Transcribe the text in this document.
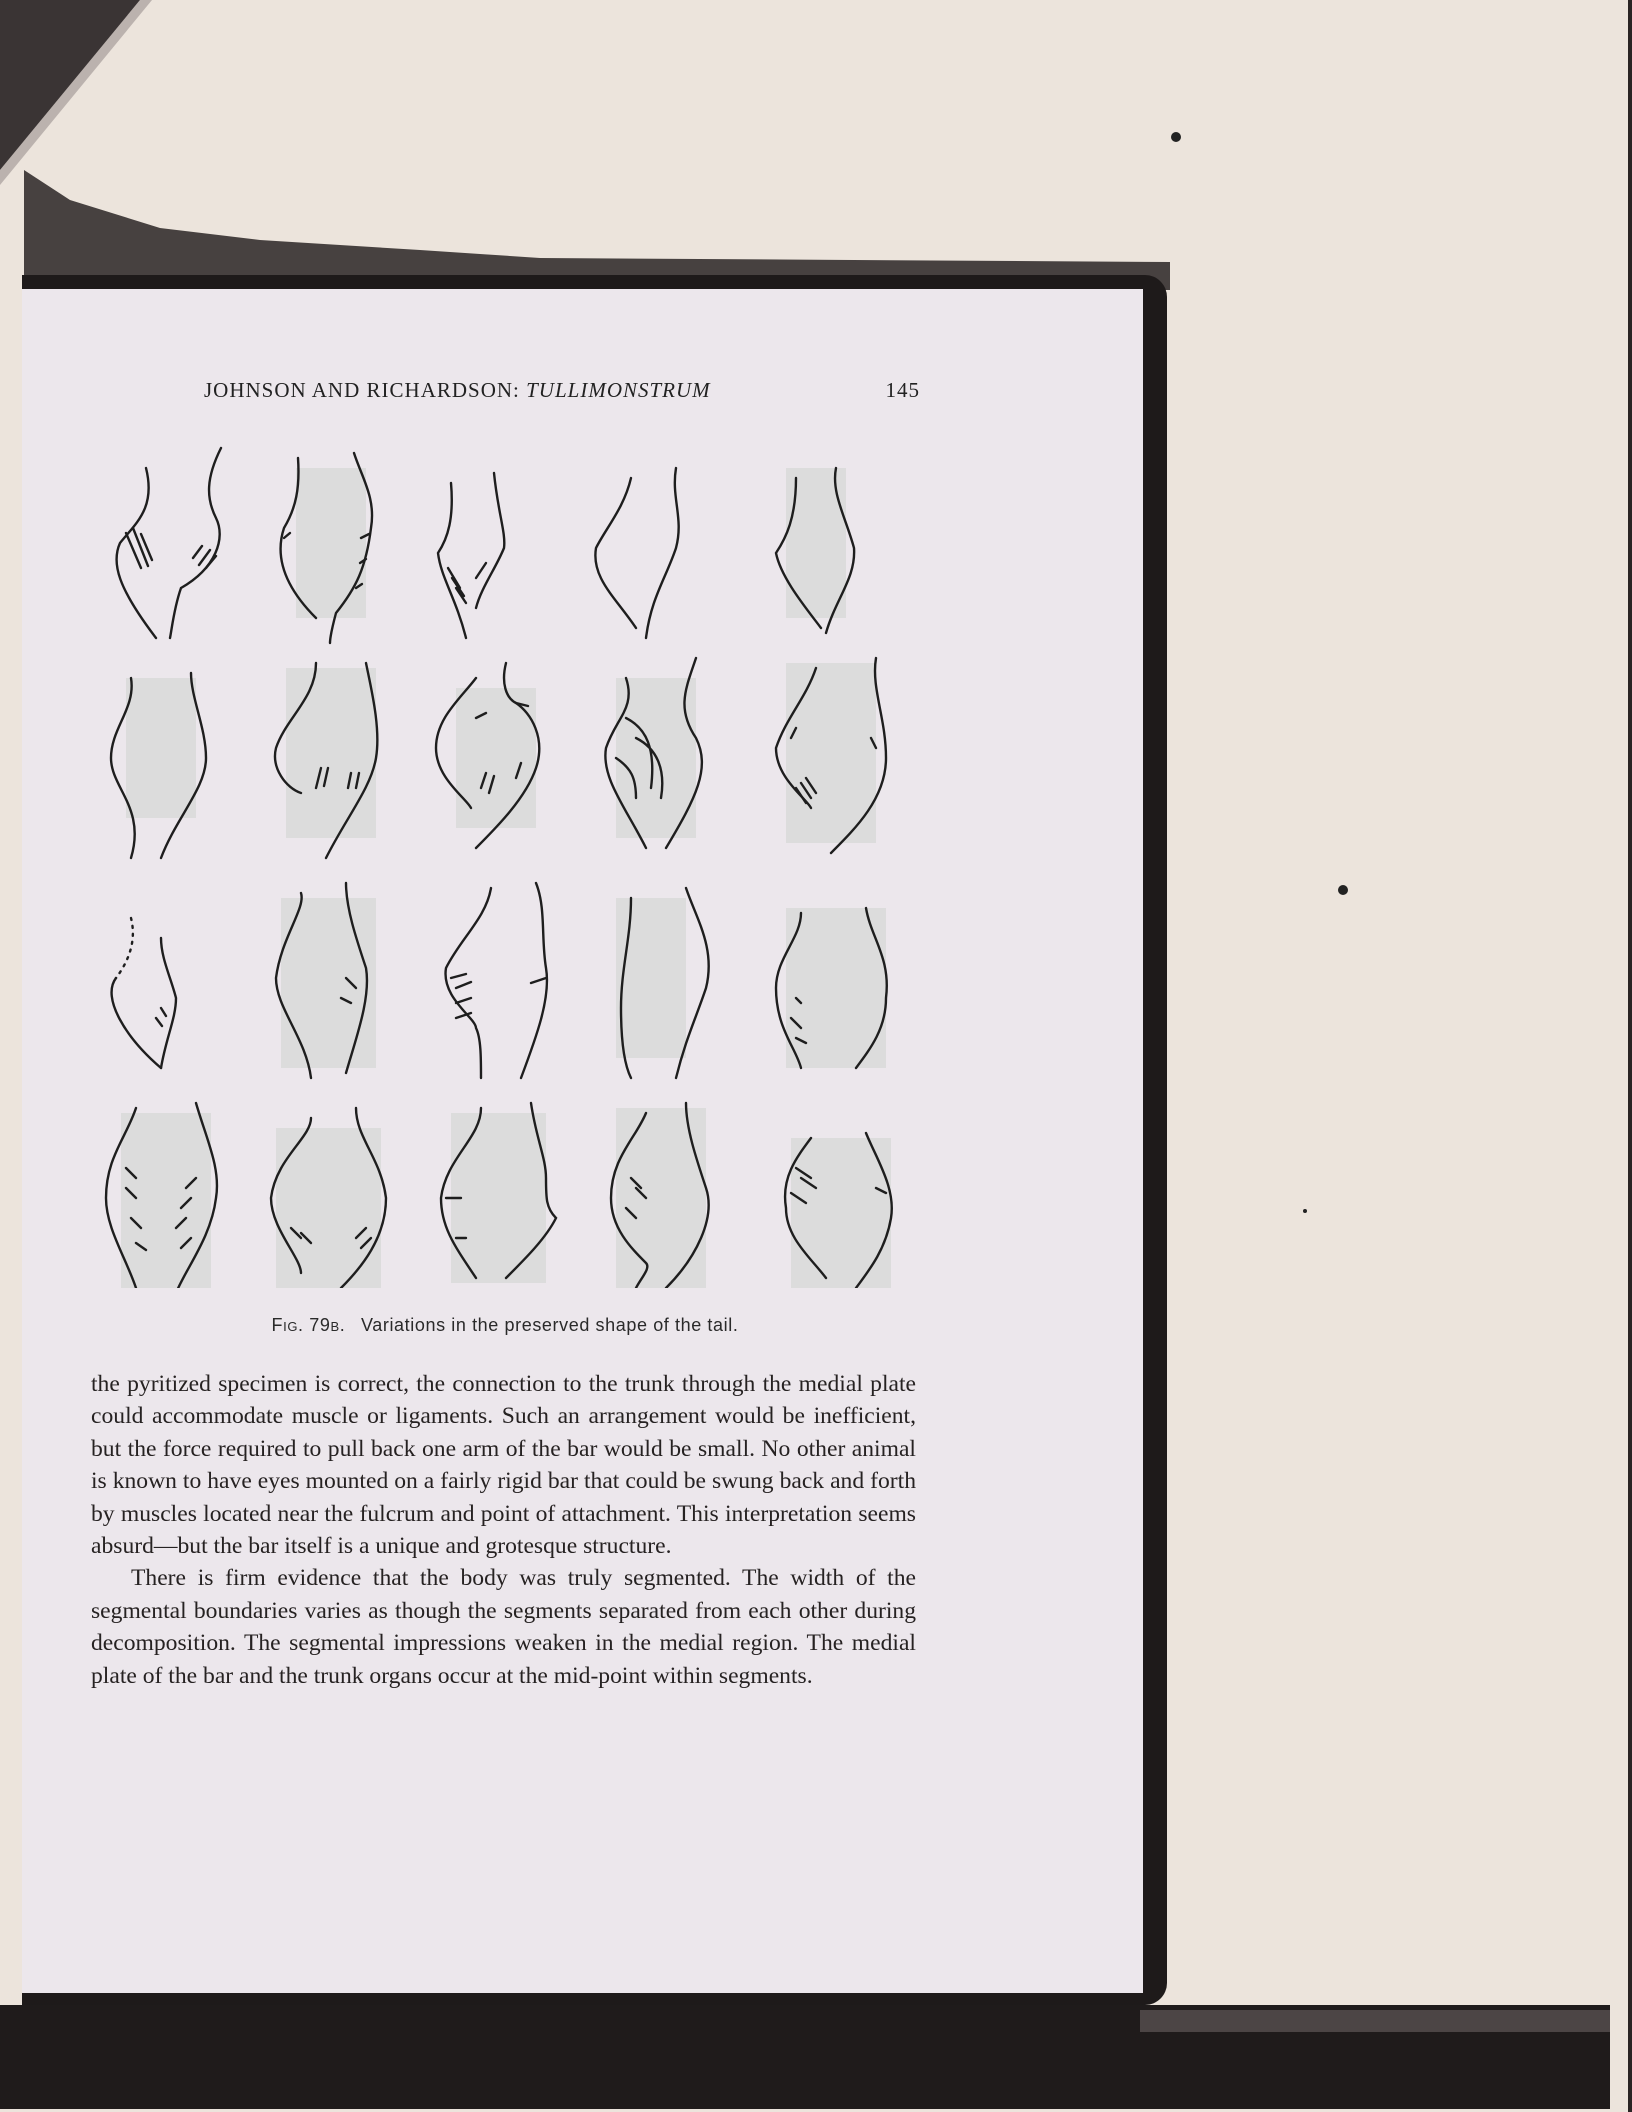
JOHNSON AND RICHARDSON: TULLIMONSTRUM	145
Fig. 79b. Variations in the preserved shape of the tail.

the pyritized specimen is correct, the connection to the trunk through the medial plate could accommodate muscle or ligaments. Such an arrangement would be inefficient, but the force required to pull back one arm of the bar would be small. No other animal is known to have eyes mounted on a fairly rigid bar that could be swung back and forth by muscles located near the fulcrum and point of attachment. This interpretation seems absurd—but the bar itself is a unique and grotesque structure.

There is firm evidence that the body was truly segmented. The width of the segmental boundaries varies as though the segments separated from each other during decomposition. The segmental impressions weaken in the medial region. The medial plate of the bar and the trunk organs occur at the mid-point within segments.
